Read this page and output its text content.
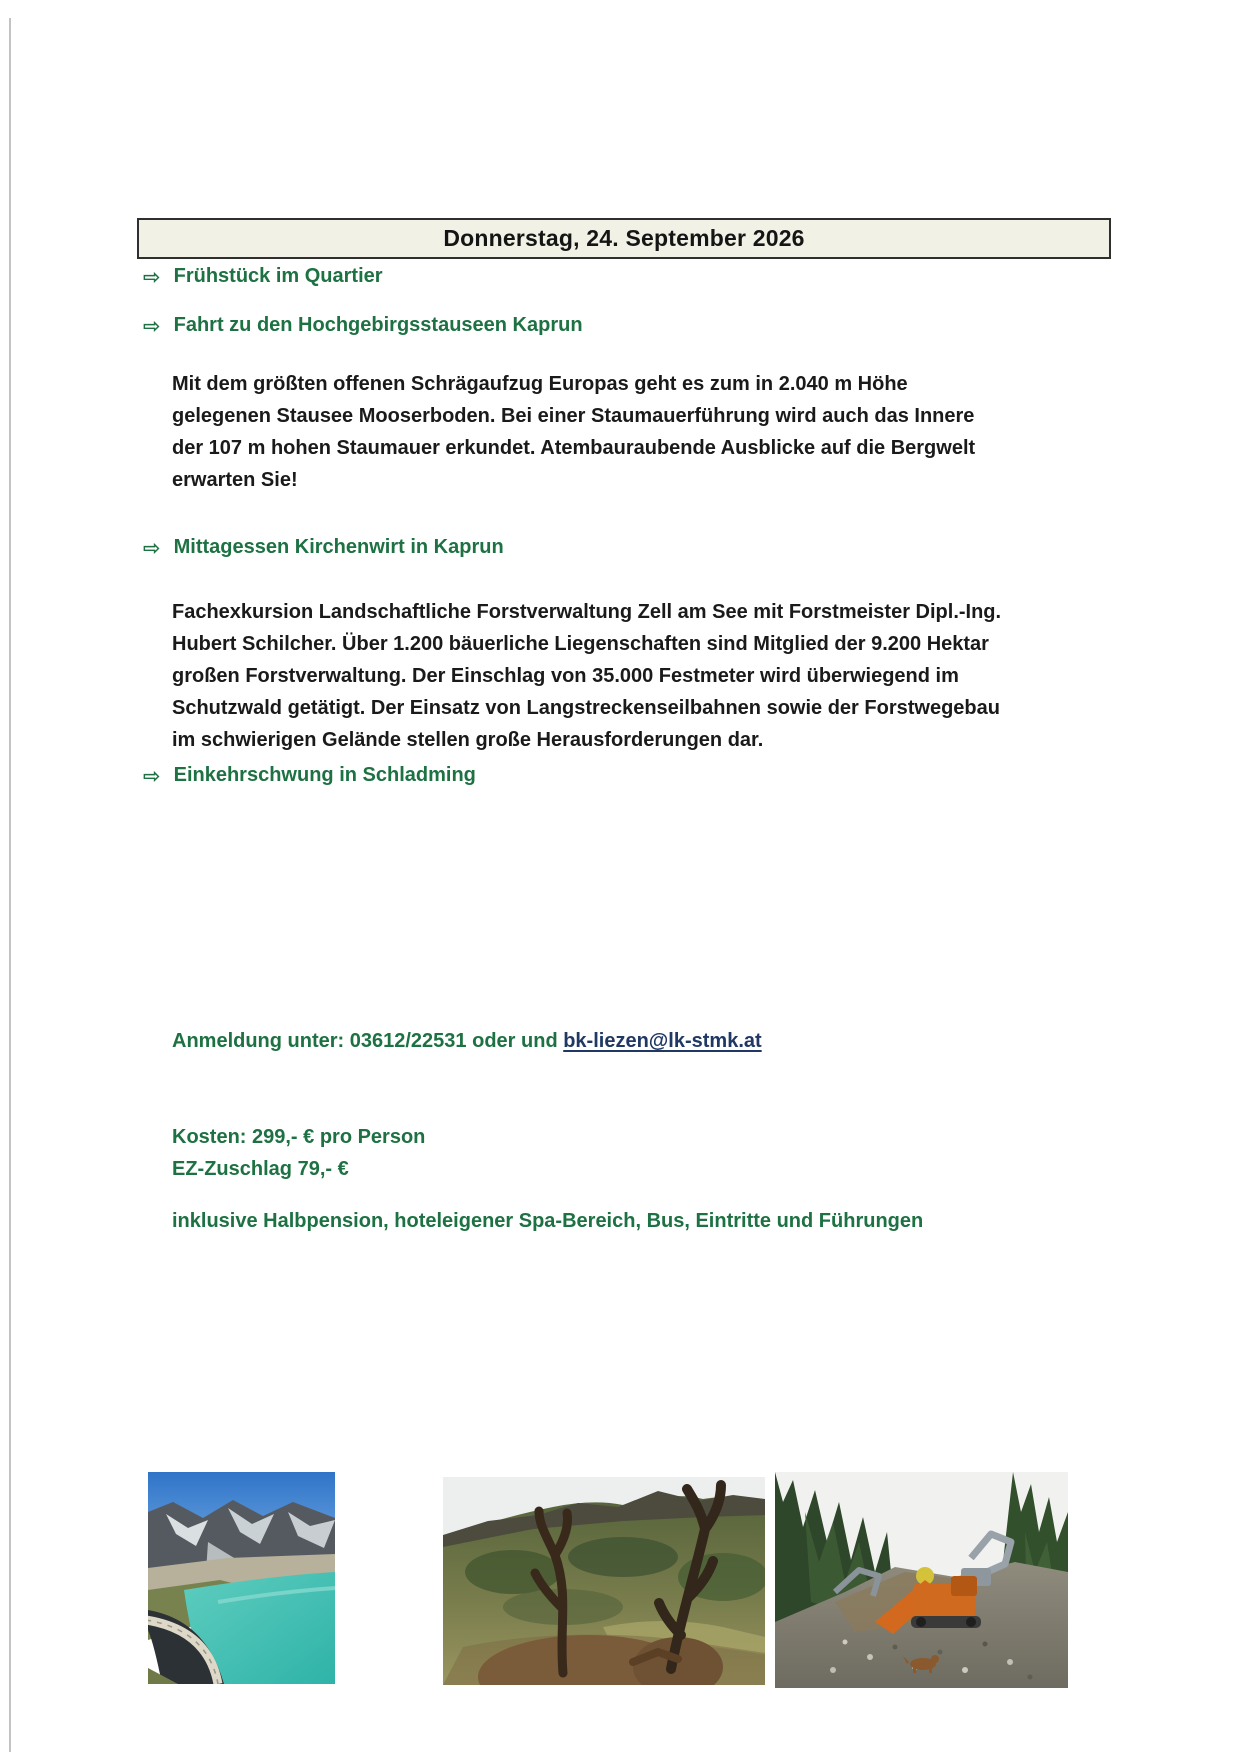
Donnerstag, 24. September 2026
⇨ Frühstück im Quartier
⇨ Fahrt zu den Hochgebirgsstauseen Kaprun
Mit dem größten offenen Schrägaufzug Europas geht es zum in 2.040 m Höhe
gelegenen Stausee Mooserboden. Bei einer Staumauerführung wird auch das Innere
der 107 m hohen Staumauer erkundet. Atembauraubende Ausblicke auf die Bergwelt
erwarten Sie!
⇨ Mittagessen Kirchenwirt in Kaprun
Fachexkursion Landschaftliche Forstverwaltung Zell am See mit Forstmeister Dipl.-Ing.
Hubert Schilcher. Über 1.200 bäuerliche Liegenschaften sind Mitglied der 9.200 Hektar
großen Forstverwaltung. Der Einschlag von 35.000 Festmeter wird überwiegend im
Schutzwald getätigt. Der Einsatz von Langstreckenseilbahnen sowie der Forstwegebau
im schwierigen Gelände stellen große Herausforderungen dar.
⇨ Einkehrschwung in Schladming
Anmeldung unter: 03612/22531 oder und bk-liezen@lk-stmk.at
Kosten: 299,- € pro Person
EZ-Zuschlag 79,- €
inklusive Halbpension, hoteleigener Spa-Bereich, Bus, Eintritte und Führungen
